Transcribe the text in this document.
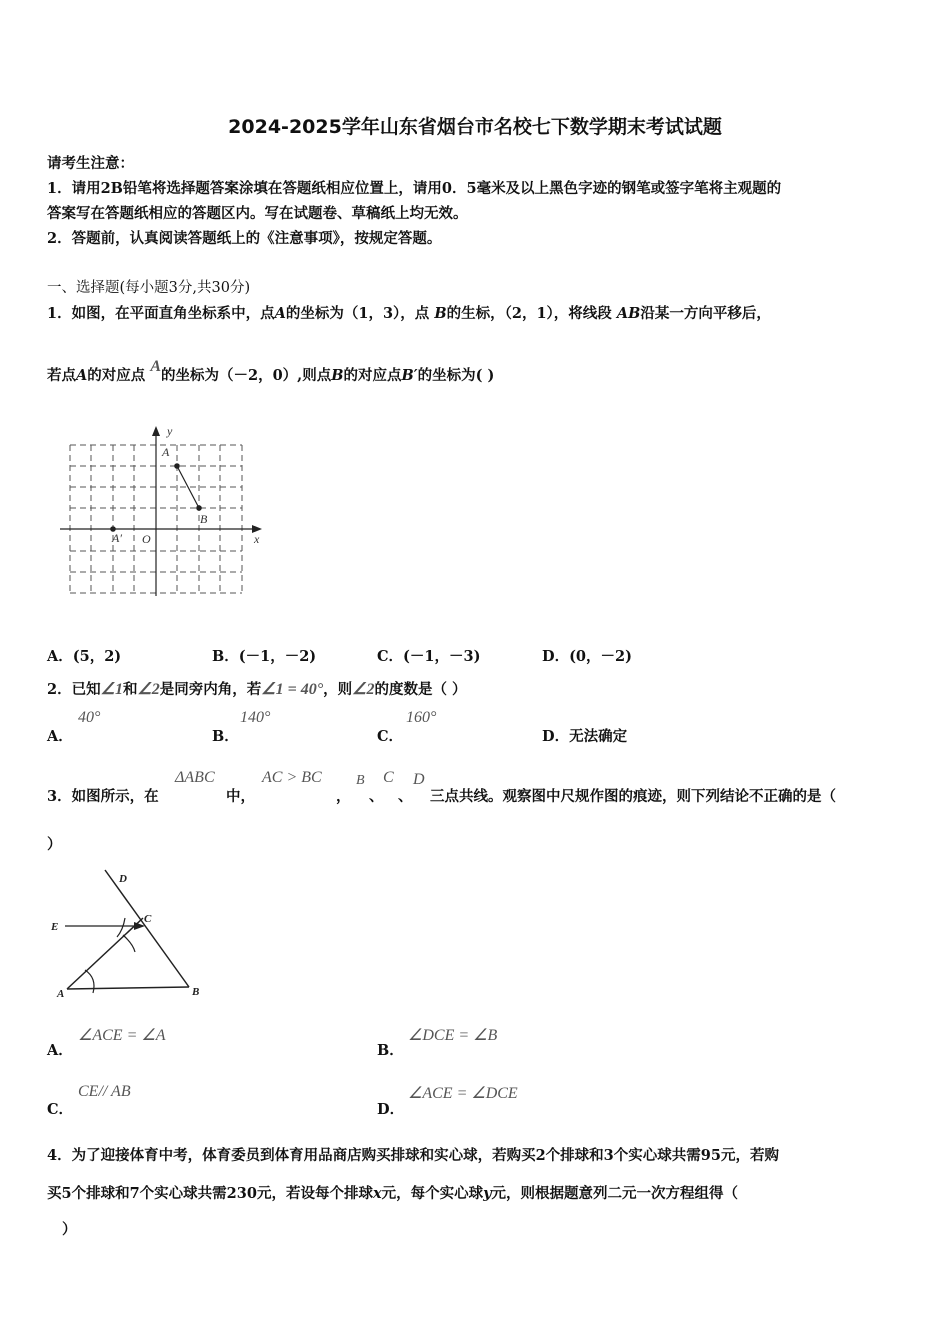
2024-2025学年山东省烟台市名校七下数学期末考试试题
请考生注意：
1．请用2B铅笔将选择题答案涂填在答题纸相应位置上，请用0．5毫米及以上黑色字迹的钢笔或签字笔将主观题的
答案写在答题纸相应的答题区内。写在试题卷、草稿纸上均无效。
2．答题前，认真阅读答题纸上的《注意事项》，按规定答题。
一、选择题(每小题3分,共30分)
1．如图，在平面直角坐标系中，点A的坐标为（1，3），点 B的生标，（2，1），将线段 AB沿某一方向平移后，
若点A的对应点 A的坐标为（－2，0）,则点B的对应点B′的坐标为( )
A
B
A′ O	x
y
A．(5，2)	B．(－1，－2)	C．(－1，－3)	D．(0，－2)
2．已知∠1和∠2是同旁内角，若∠1 = 40°，则∠2的度数是（ ）
A．
40°
B．
140°
C．
160°
D．无法确定
3．如图所示，在
ΔABC
中，
AC > BC
，
B
、
C
、
D
三点共线。观察图中尺规作图的痕迹，则下列结论不正确的是（
）
A	B
C
D
E
A．
∠ACE = ∠A
B．
∠DCE = ∠B
C．
CE// AB
D．
∠ACE = ∠DCE
4．为了迎接体育中考，体育委员到体育用品商店购买排球和实心球，若购买2个排球和3个实心球共需95元，若购
买5个排球和7个实心球共需230元，若设每个排球x元，每个实心球y元，则根据题意列二元一次方程组得（
）
